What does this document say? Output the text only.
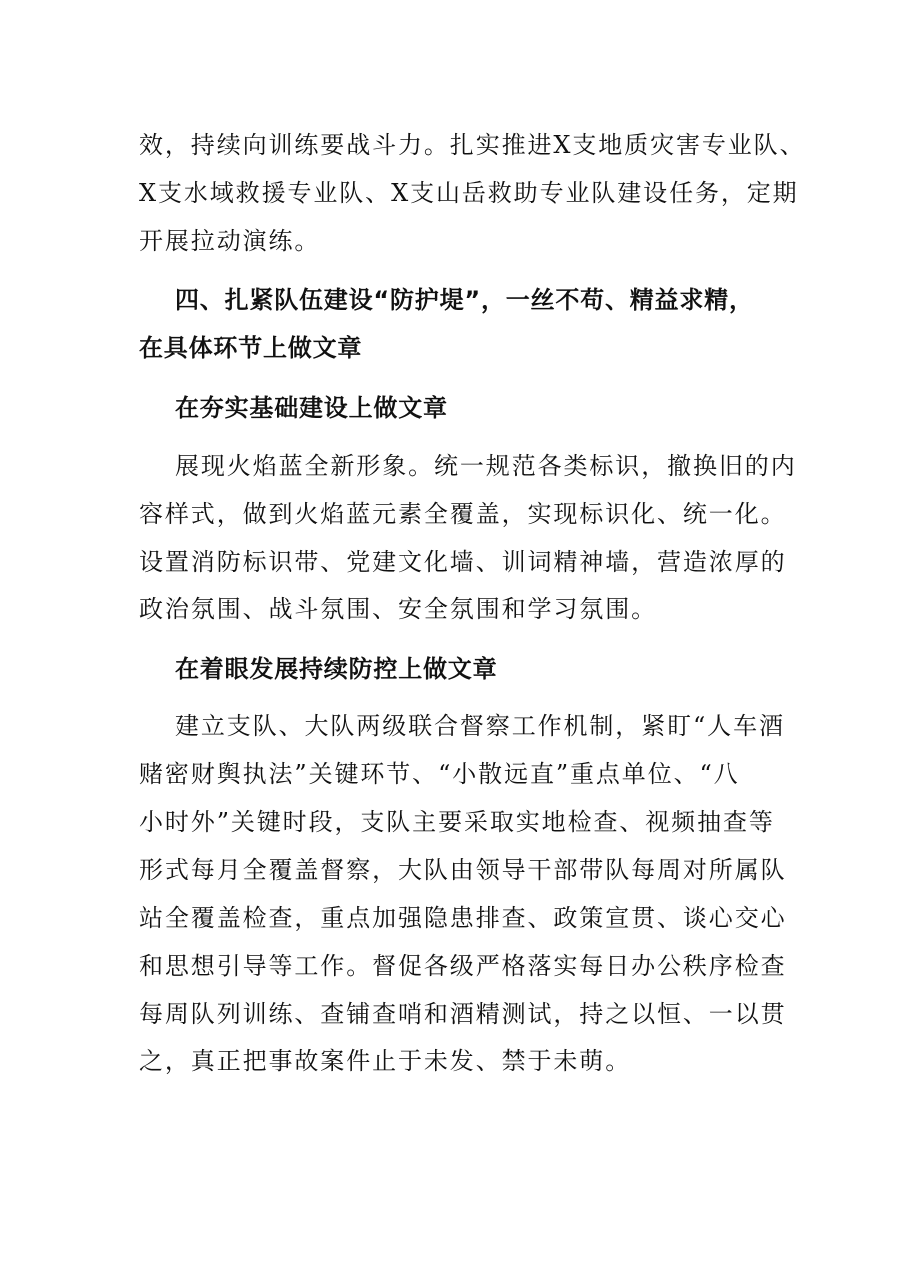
效，持续向训练要战斗力。扎实推进X支地质灾害专业队、
X支水域救援专业队、X支山岳救助专业队建设任务，定期
开展拉动演练。
四、扎紧队伍建设“防护堤”，一丝不苟、精益求精，
在具体环节上做文章
在夯实基础建设上做文章
展现火焰蓝全新形象。统一规范各类标识，撤换旧的内
容样式，做到火焰蓝元素全覆盖，实现标识化、统一化。
设置消防标识带、党建文化墙、训词精神墙，营造浓厚的
政治氛围、战斗氛围、安全氛围和学习氛围。
在着眼发展持续防控上做文章
建立支队、大队两级联合督察工作机制，紧盯“人车酒
赌密财舆执法”关键环节、“小散远直”重点单位、“八
小时外”关键时段，支队主要采取实地检查、视频抽查等
形式每月全覆盖督察，大队由领导干部带队每周对所属队
站全覆盖检查，重点加强隐患排查、政策宣贯、谈心交心
和思想引导等工作。督促各级严格落实每日办公秩序检查
每周队列训练、查铺查哨和酒精测试，持之以恒、一以贯
之，真正把事故案件止于未发、禁于未萌。
